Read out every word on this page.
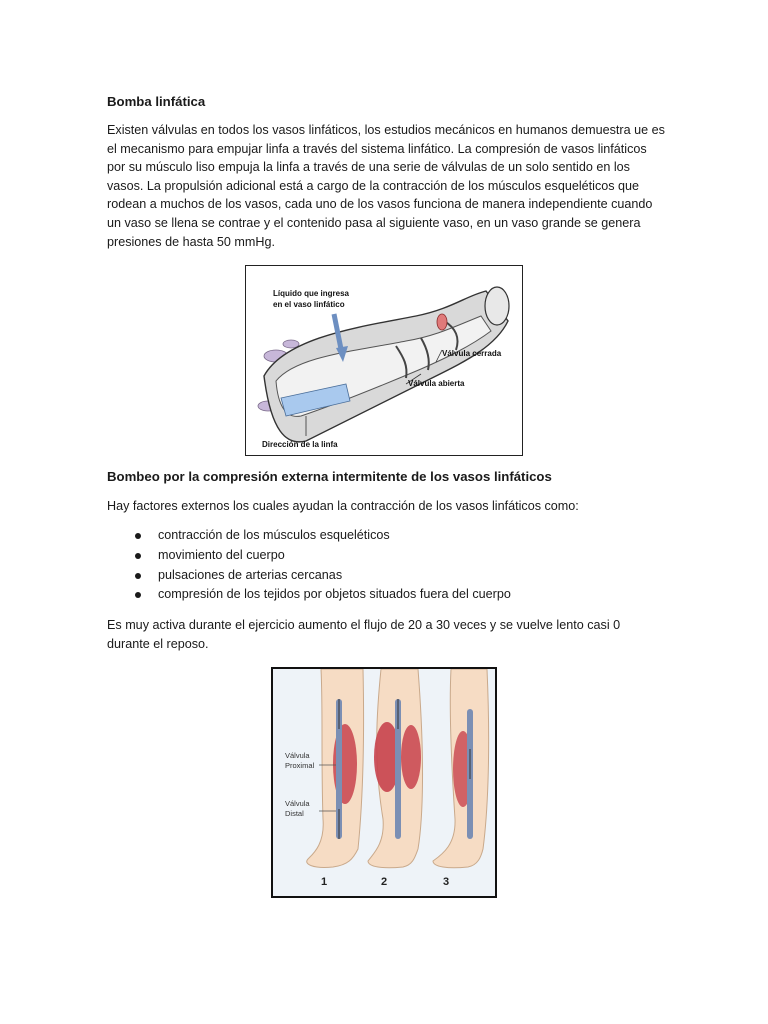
Bomba linfática

Existen válvulas en todos los vasos linfáticos, los estudios mecánicos en humanos demuestra ue es el mecanismo para empujar linfa a través del sistema linfático. La compresión de vasos linfáticos por su músculo liso empuja la linfa a través de una serie de válvulas de un solo sentido en los vasos. La propulsión adicional está a cargo de la contracción de los músculos esqueléticos que rodean a muchos de los vasos, cada uno de los vasos funciona de manera independiente cuando un vaso se llena se contrae y el contenido pasa al siguiente vaso, en un vaso grande se genera presiones de hasta 50 mmHg.

Líquido que ingresa
en el vaso linfático
Válvula cerrada
Válvula abierta
Dirección de la linfa
Bombeo por la compresión externa intermitente de los vasos linfáticos

Hay factores externos los cuales ayudan la contracción de los vasos linfáticos como:

contracción de los músculos esqueléticos
movimiento del cuerpo
pulsaciones de arterias cercanas
compresión de los tejidos por objetos situados fuera del cuerpo

Es muy activa durante el ejercicio aumento el flujo de 20 a 30 veces y se vuelve lento casi 0 durante el reposo.

Válvula
Proximal
Válvula
Distal
1	2	3
